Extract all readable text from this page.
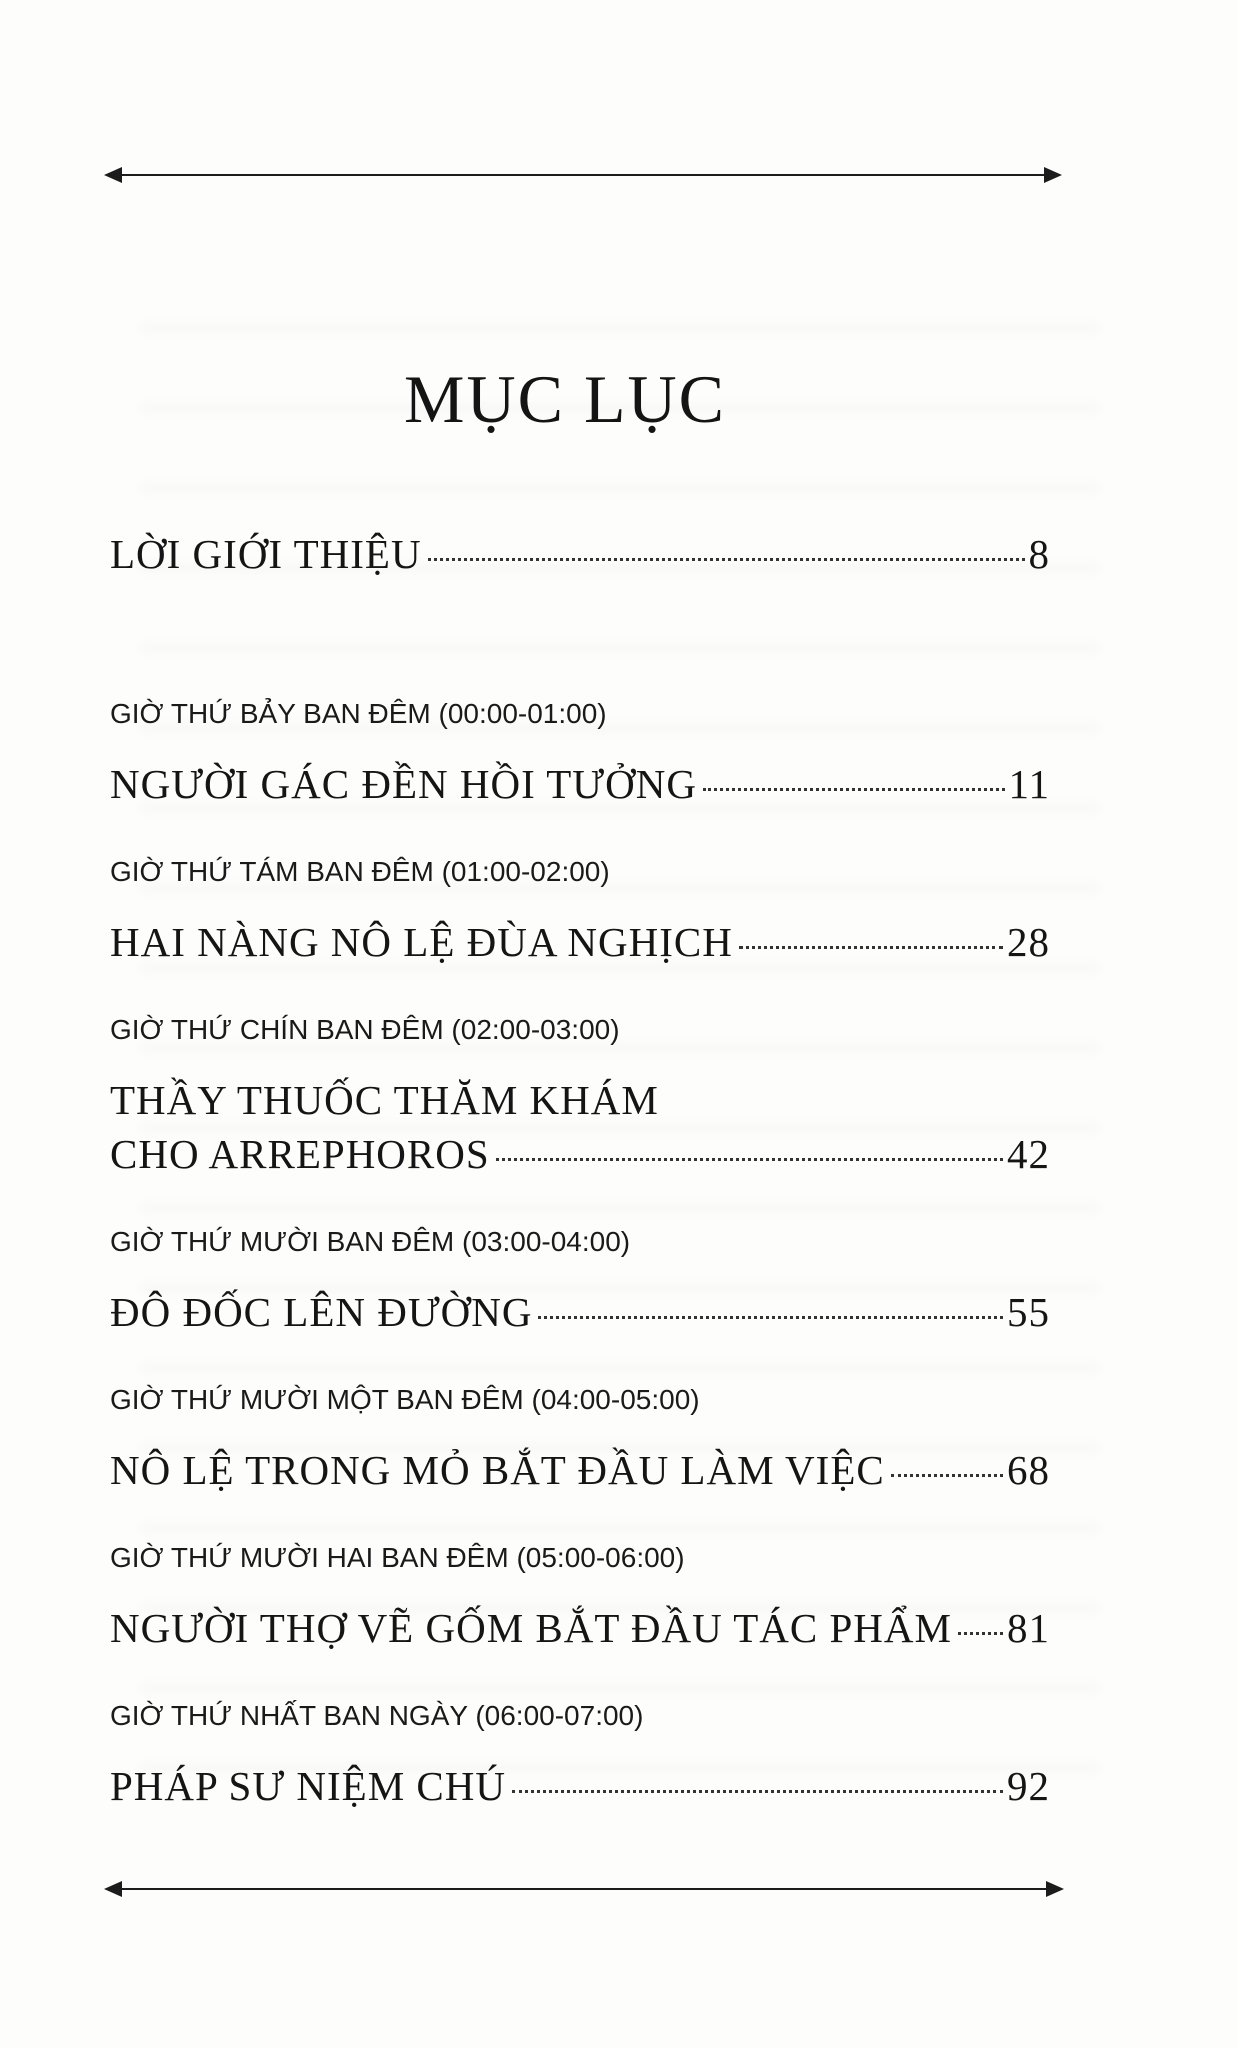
MỤC LỤC
LỜI GIỚI THIỆU	8
GIỜ THỨ BẢY BAN ĐÊM (00:00-01:00)
NGƯỜI GÁC ĐỀN HỒI TƯỞNG	11
GIỜ THỨ TÁM BAN ĐÊM (01:00-02:00)
HAI NÀNG NÔ LỆ ĐÙA NGHỊCH	28
GIỜ THỨ CHÍN BAN ĐÊM (02:00-03:00)
THẦY THUỐC THĂM KHÁM
CHO ARREPHOROS	42
GIỜ THỨ MƯỜI BAN ĐÊM (03:00-04:00)
ĐÔ ĐỐC LÊN ĐƯỜNG	55
GIỜ THỨ MƯỜI MỘT BAN ĐÊM (04:00-05:00)
NÔ LỆ TRONG MỎ BẮT ĐẦU LÀM VIỆC	68
GIỜ THỨ MƯỜI HAI BAN ĐÊM (05:00-06:00)
NGƯỜI THỢ VẼ GỐM BẮT ĐẦU TÁC PHẨM 81
GIỜ THỨ NHẤT BAN NGÀY (06:00-07:00)
PHÁP SƯ NIỆM CHÚ	92
